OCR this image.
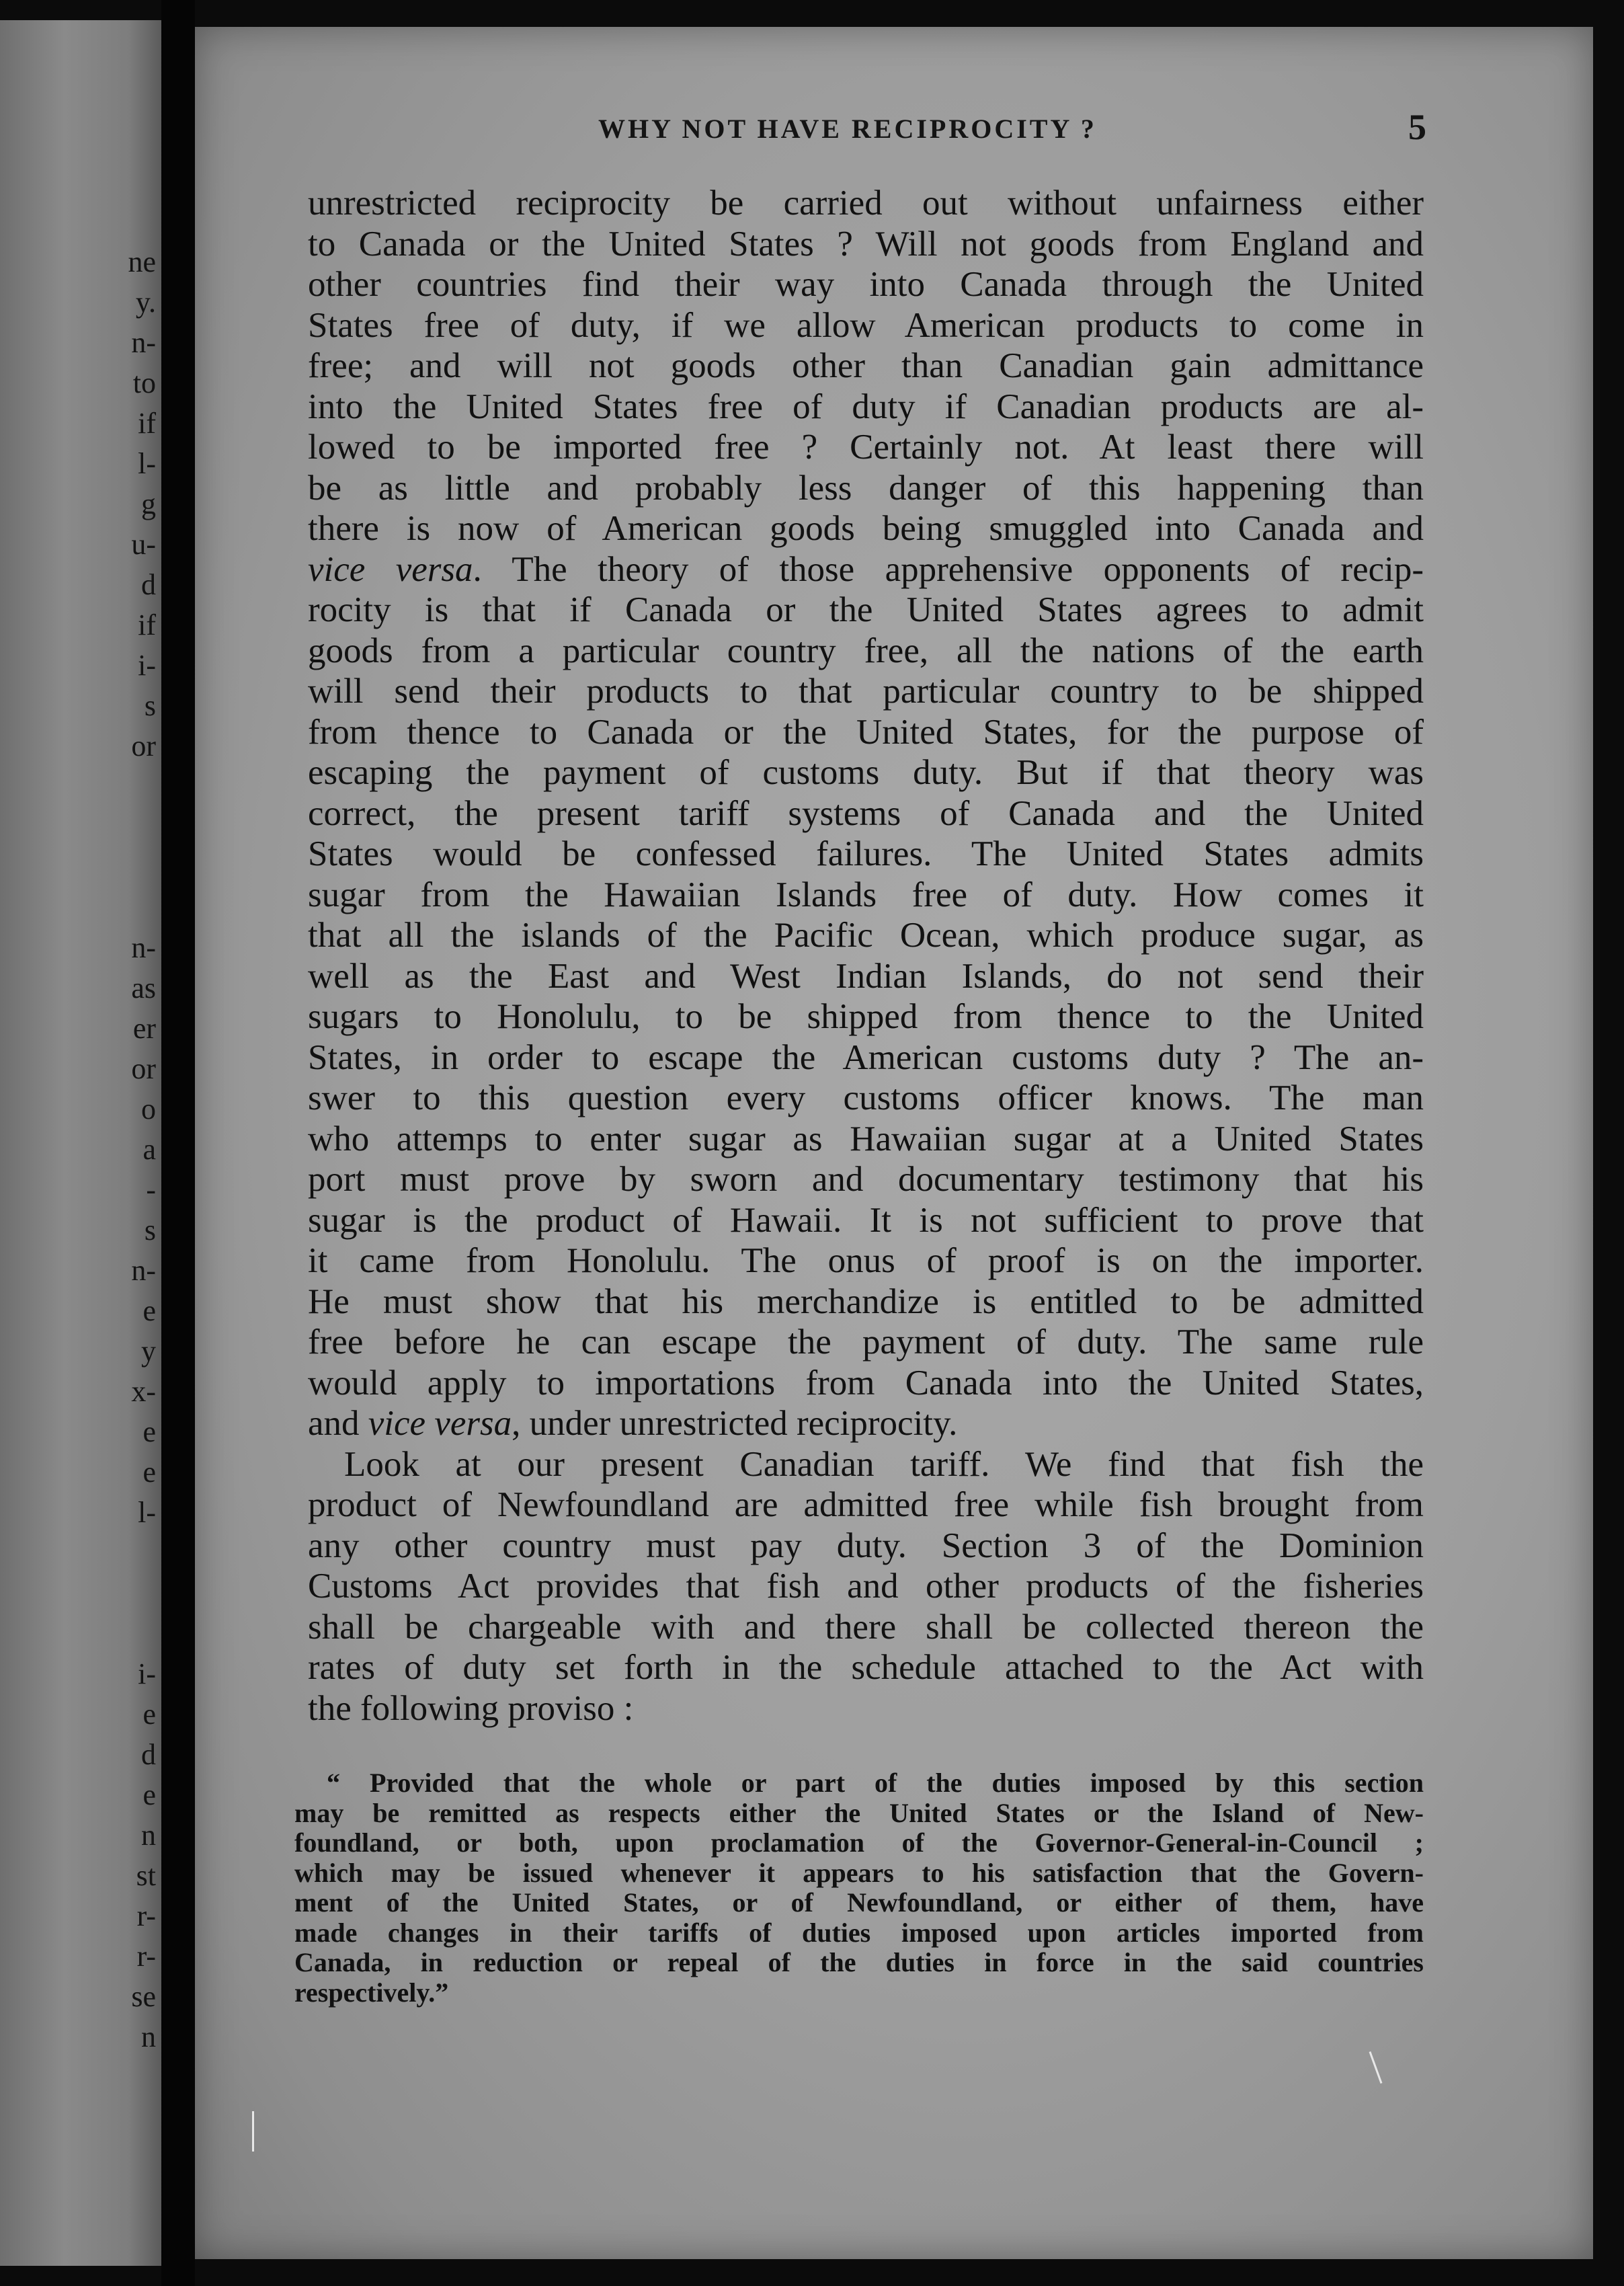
ne
y.
n-
to
if
l-
g
u-
d
if
i-
s
or
n-
as
er
or
o
a
-
s
n-
e
y
x-
e
e
l-
i-
e
d
e
n
st
r-
r-
se
n
WHY NOT HAVE RECIPROCITY ?	5
unrestricted reciprocity be carried out without unfairness either
to Canada or the United States ? Will not goods from England and
other countries find their way into Canada through the United
States free of duty, if we allow American products to come in
free; and will not goods other than Canadian gain admittance
into the United States free of duty if Canadian products are al-
lowed to be imported free ? Certainly not. At least there will
be as little and probably less danger of this happening than
there is now of American goods being smuggled into Canada and
vice versa. The theory of those apprehensive opponents of recip-
rocity is that if Canada or the United States agrees to admit
goods from a particular country free, all the nations of the earth
will send their products to that particular country to be shipped
from thence to Canada or the United States, for the purpose of
escaping the payment of customs duty. But if that theory was
correct, the present tariff systems of Canada and the United
States would be confessed failures. The United States admits
sugar from the Hawaiian Islands free of duty. How comes it
that all the islands of the Pacific Ocean, which produce sugar, as
well as the East and West Indian Islands, do not send their
sugars to Honolulu, to be shipped from thence to the United
States, in order to escape the American customs duty ? The an-
swer to this question every customs officer knows. The man
who attemps to enter sugar as Hawaiian sugar at a United States
port must prove by sworn and documentary testimony that his
sugar is the product of Hawaii. It is not sufficient to prove that
it came from Honolulu. The onus of proof is on the importer.
He must show that his merchandize is entitled to be admitted
free before he can escape the payment of duty. The same rule
would apply to importations from Canada into the United States,
and vice versa, under unrestricted reciprocity.
Look at our present Canadian tariff. We find that fish the
product of Newfoundland are admitted free while fish brought from
any other country must pay duty. Section 3 of the Dominion
Customs Act provides that fish and other products of the fisheries
shall be chargeable with and there shall be collected thereon the
rates of duty set forth in the schedule attached to the Act with
the following proviso :
“ Provided that the whole or part of the duties imposed by this section
may be remitted as respects either the United States or the Island of New-
foundland, or both, upon proclamation of the Governor-General-in-Council ;
which may be issued whenever it appears to his satisfaction that the Govern-
ment of the United States, or of Newfoundland, or either of them, have
made changes in their tariffs of duties imposed upon articles imported from
Canada, in reduction or repeal of the duties in force in the said countries
respectively.”
